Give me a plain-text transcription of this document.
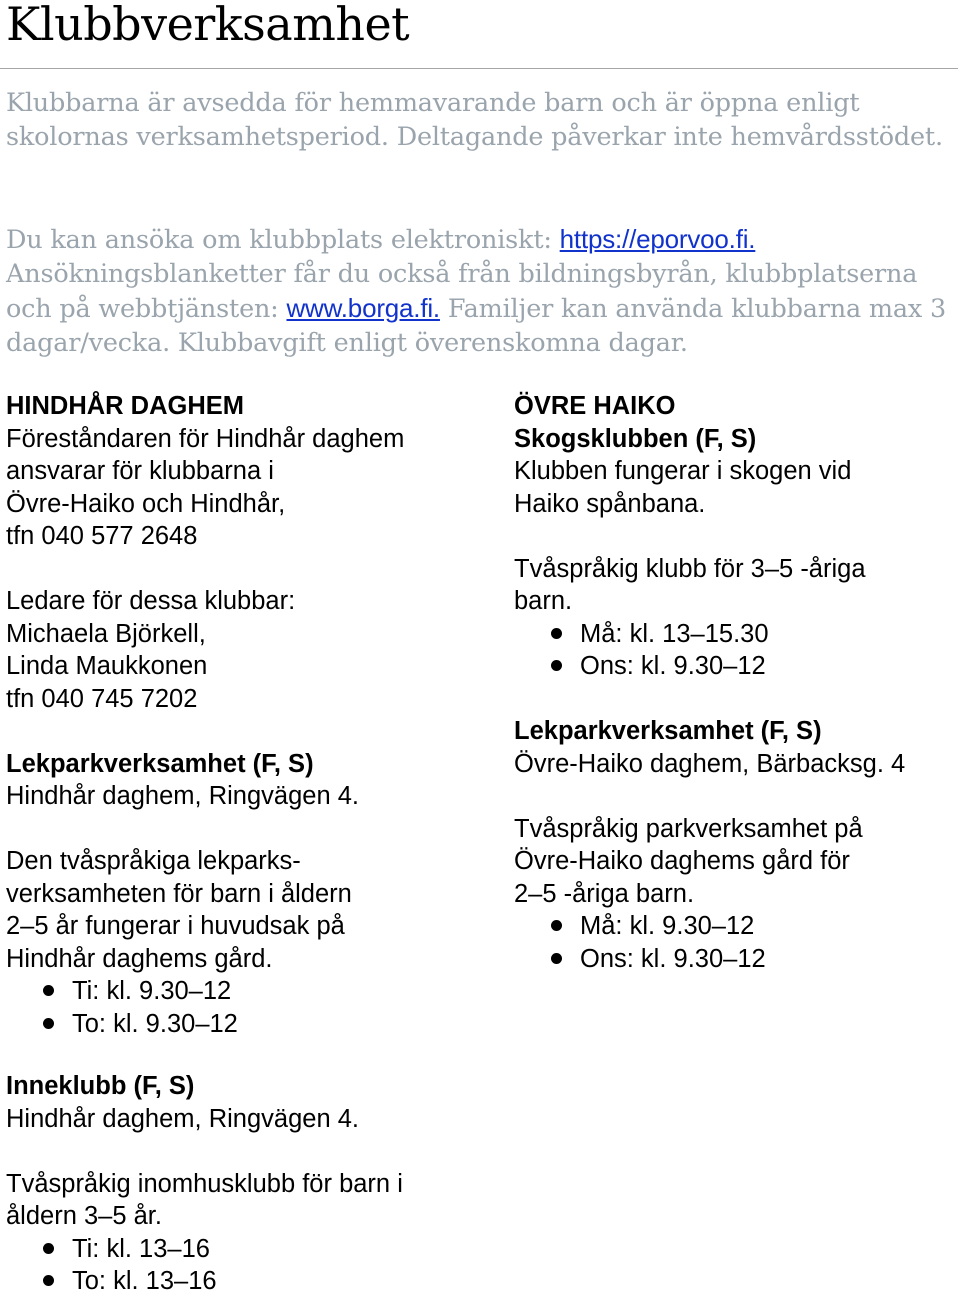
Klubbverksamhet

Klubbarna är avsedda för hemmavarande barn och är öppna enligt skolornas verksamhetsperiod. Deltagande påverkar inte hemvårdsstödet.

Du kan ansöka om klubbplats elektroniskt: https://eporvoo.fi. Ansökningsblanketter får du också från bildningsbyrån, klubbplatserna och på webbtjänsten: www.borga.fi. Familjer kan använda klubbarna max 3 dagar/vecka. Klubbavgift enligt överenskomna dagar.

HINDHÅR DAGHEM

Föreståndaren för Hindhår daghem

ansvarar för klubbarna i

Övre-Haiko och Hindhår,

tfn 040 577 2648

Ledare för dessa klubbar:

Michaela Björkell,

Linda Maukkonen

tfn 040 745 7202

Lekparkverksamhet (F, S)

Hindhår daghem, Ringvägen 4.

Den tvåspråkiga lekparks-

verksamheten för barn i åldern

2–5 år fungerar i huvudsak på

Hindhår daghems gård.

Ti: kl. 9.30–12
To: kl. 9.30–12

Inneklubb (F, S)

Hindhår daghem, Ringvägen 4.

Tvåspråkig inomhusklubb för barn i

åldern 3–5 år.

Ti: kl. 13–16
To: kl. 13–16

ÖVRE HAIKO

Skogsklubben (F, S)

Klubben fungerar i skogen vid

Haiko spånbana.

Tvåspråkig klubb för 3–5 -åriga

barn.

Må: kl. 13–15.30
Ons: kl. 9.30–12

Lekparkverksamhet (F, S)

Övre-Haiko daghem, Bärbacksg. 4

Tvåspråkig parkverksamhet på

Övre-Haiko daghems gård för

2–5 -åriga barn.

Må: kl. 9.30–12
Ons: kl. 9.30–12
